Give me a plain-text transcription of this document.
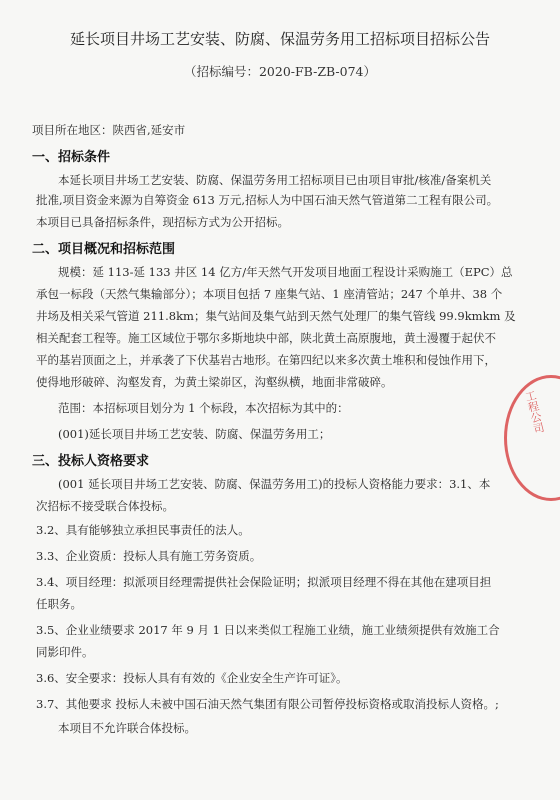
延长项目井场工艺安装、防腐、保温劳务用工招标项目招标公告
（招标编号：2020-FB-ZB-074）
项目所在地区：陕西省,延安市
一、招标条件
本延长项目井场工艺安装、防腐、保温劳务用工招标项目已由项目审批/核准/备案机关
批准,项目资金来源为自筹资金 613 万元,招标人为中国石油天然气管道第二工程有限公司。
本项目已具备招标条件，现招标方式为公开招标。
二、项目概况和招标范围
规模：延 113-延 133 井区 14 亿方/年天然气开发项目地面工程设计采购施工（EPC）总
承包一标段（天然气集输部分）；本项目包括 7 座集气站、1 座清管站；247 个单井、38 个
井场及相关采气管道 211.8km；集气站间及集气站到天然气处理厂的集气管线 99.9kmkm 及
相关配套工程等。施工区域位于鄂尔多斯地块中部，陕北黄土高原腹地，黄土漫覆于起伏不
平的基岩顶面之上，并承袭了下伏基岩古地形。在第四纪以来多次黄土堆积和侵蚀作用下，
使得地形破碎、沟壑发育，为黄土梁峁区，沟壑纵横，地面非常破碎。
范围：本招标项目划分为 1 个标段，本次招标为其中的：
(001)延长项目井场工艺安装、防腐、保温劳务用工；
三、投标人资格要求
(001 延长项目井场工艺安装、防腐、保温劳务用工)的投标人资格能力要求：3.1、本
次招标不接受联合体投标。
3.2、具有能够独立承担民事责任的法人。
3.3、企业资质：投标人具有施工劳务资质。
3.4、项目经理：拟派项目经理需提供社会保险证明；拟派项目经理不得在其他在建项目担
任职务。
3.5、企业业绩要求 2017 年 9 月 1 日以来类似工程施工业绩，施工业绩须提供有效施工合
同影印件。
3.6、安全要求：投标人具有有效的《企业安全生产许可证》。
3.7、其他要求 投标人未被中国石油天然气集团有限公司暂停投标资格或取消投标人资格。;
本项目不允许联合体投标。
工程公司
